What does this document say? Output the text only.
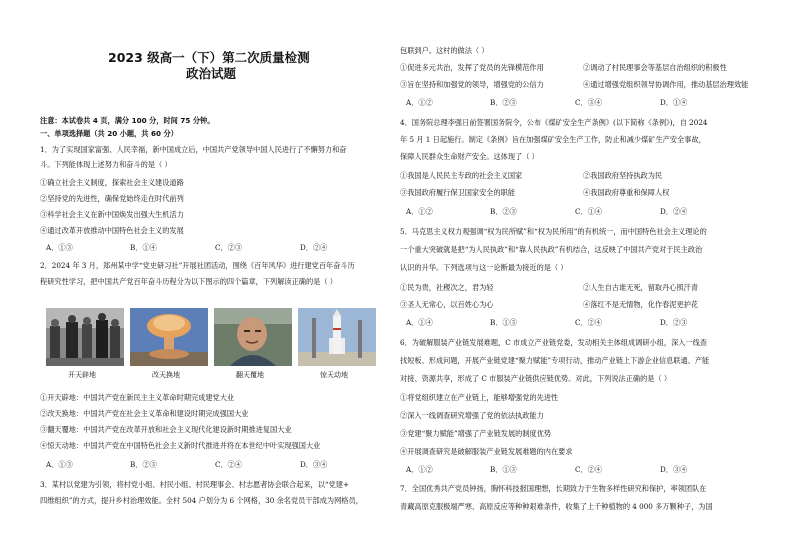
2023 级高一（下）第二次质量检测
政治试题
注意：本试卷共 4 页，满分 100 分，时间 75 分钟。
一、单项选择题（共 20 小题，共 60 分）
1．为了实现国家富强、人民幸福，新中国成立后，中国共产党领导中国人民进行了不懈努力和奋
斗。下列能体现上述努力和奋斗的是（ ）
①确立社会主义制度，探索社会主义建设道路
②坚持党的先进性，确保党始终走在时代前列
③科学社会主义在新中国焕发出强大生机活力
④通过改革开放推动中国特色社会主义的发展
A．①③	B．①④	C．②③	D．②④
2．2024 年 3 月，郑州某中学“党史研习社”开展社团活动，围绕《百年风华》进行建党百年奋斗历
程研究性学习，把中国共产党百年奋斗历程分为以下图示的四个篇章，下列解读正确的是（ ）
开天辟地	改天换地	翻天覆地	惊天动地
①开天辟地：中国共产党在新民主主义革命时期完成建党大业
②改天换地：中国共产党在社会主义革命和建设时期完成强国大业
③翻天覆地：中国共产党在改革开放和社会主义现代化建设新时期推进复国大业
④惊天动地：中国共产党在中国特色社会主义新时代推进并将在本世纪中叶实现强国大业
A．①③	B．②③	C．②④	D．③④
3．某村以党建为引领，将村党小组、村民小组、村民理事会、村志愿者协会联合起来，以“党建+
四维组织”的方式，提升乡村治理效能。全村 504 户划分为 6 个网格，30 余名党员干部成为网格员，
包联到户。这村的做法（ ）
①促进多元共治，发挥了党员的先锋模范作用	②调动了村民理事会等基层自治组织的积极性
③旨在坚持和加强党的领导，增强党的公信力	④通过增强党组织领导协调作用，推动基层治理效能
A．①②	B．②③	C．③④	D．①④
4．国务院总理李强日前签署国务院令，公布《煤矿安全生产条例》(以下简称《条例》)，自 2024
年 5 月 1 日起施行。制定《条例》旨在加强煤矿安全生产工作，防止和减少煤矿生产安全事故，
保障人民群众生命财产安全。这体现了（ ）
①我国是人民民主专政的社会主义国家	②我国政府坚持执政为民
③我国政府履行保卫国家安全的职能	④我国政府尊重和保障人权
A．①②	B．②③	C．①④	D．②④
5．马克思主义权力观强调“权为民所赋”和“权为民所用”的有机统一，而中国特色社会主义理论的
一个重大突破就是把“为人民执政”和“靠人民执政”有机结合，这反映了中国共产党对于民主政治
认识的升华。下列选项与这一论断最为接近的是（ ）
①民为贵，社稷次之，君为轻	②人生自古谁无死，留取丹心照汗青
③圣人无常心，以百姓心为心	④落红不是无情物，化作春泥更护花
A．①④	B．①③	C．②④	D．②③
6．为破解服装产业链发展难题，C 市成立产业链党委，发动相关主体组成调研小组，深入一线查
找短板、形成问题，开展产业链党建“聚力赋能”专项行动，推动产业链上下游企业信息联通、产能
对接、资源共享，形成了 C 市服装产业链供应链优势。对此，下列说法正确的是（ ）
①将党组织建立在产业链上，能够增强党的先进性
②深入一线调查研究增强了党的依法执政能力
③党建“聚力赋能”增强了产业链发展的制度优势
④开展调查研究是破解服装产业链发展难题的内在要求
A．①②	B．①③	C．②④	D．③④
7．全国优秀共产党员钟扬，胸怀科技报国理想，长期致力于生物多样性研究和保护，率领团队在
青藏高原克服极端严寒、高原反应等种种艰难条件，收集了上千种植物的 4 000 多万颗种子，为国
